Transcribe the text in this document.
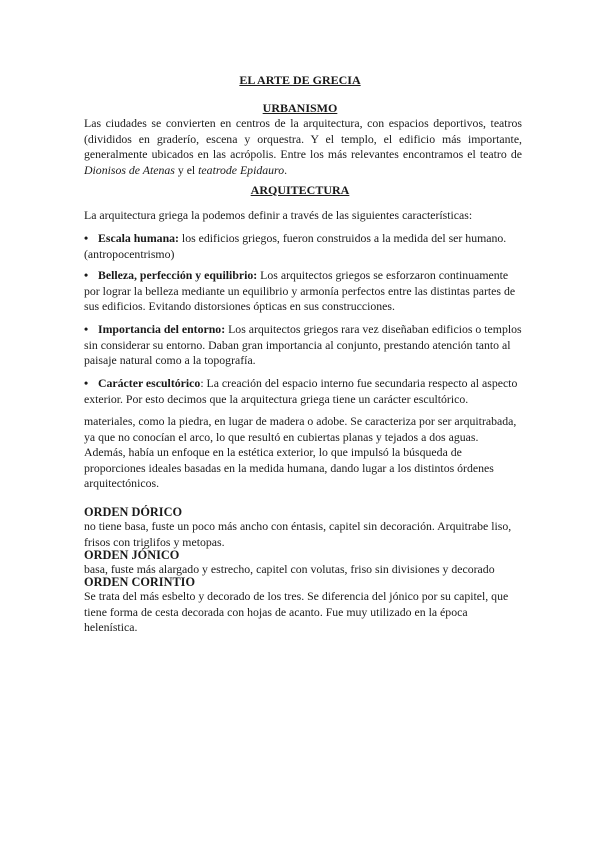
EL ARTE DE GRECIA
URBANISMO
Las ciudades se convierten en centros de la arquitectura, con espacios deportivos, teatros (divididos en graderío, escena y orquestra. Y el templo, el edificio más importante, generalmente ubicados en las acrópolis. Entre los más relevantes encontramos el teatro de Dionisos de Atenas y el teatrode Epidauro.
ARQUITECTURA
La arquitectura griega la podemos definir a través de las siguientes características:
• Escala humana: los edificios griegos, fueron construidos a la medida del ser humano. (antropocentrismo)
• Belleza, perfección y equilibrio: Los arquitectos griegos se esforzaron continuamente por lograr la belleza mediante un equilibrio y armonía perfectos entre las distintas partes de sus edificios. Evitando distorsiones ópticas en sus construcciones.
• Importancia del entorno: Los arquitectos griegos rara vez diseñaban edificios o templos sin considerar su entorno. Daban gran importancia al conjunto, prestando atención tanto al paisaje natural como a la topografía.
• Carácter escultórico: La creación del espacio interno fue secundaria respecto al aspecto exterior. Por esto decimos que la arquitectura griega tiene un carácter escultórico.
materiales, como la piedra, en lugar de madera o adobe. Se caracteriza por ser arquitrabada, ya que no conocían el arco, lo que resultó en cubiertas planas y tejados a dos aguas. Además, había un enfoque en la estética exterior, lo que impulsó la búsqueda de proporciones ideales basadas en la medida humana, dando lugar a los distintos órdenes arquitectónicos.
ORDEN DÓRICO
no tiene basa, fuste un poco más ancho con éntasis, capitel sin decoración. Arquitrabe liso, frisos con triglifos y metopas.
ORDEN JÓNICO
basa, fuste más alargado y estrecho, capitel con volutas, friso sin divisiones y decorado
ORDEN CORINTIO
Se trata del más esbelto y decorado de los tres. Se diferencia del jónico por su capitel, que tiene forma de cesta decorada con hojas de acanto. Fue muy utilizado en la época helenística.
